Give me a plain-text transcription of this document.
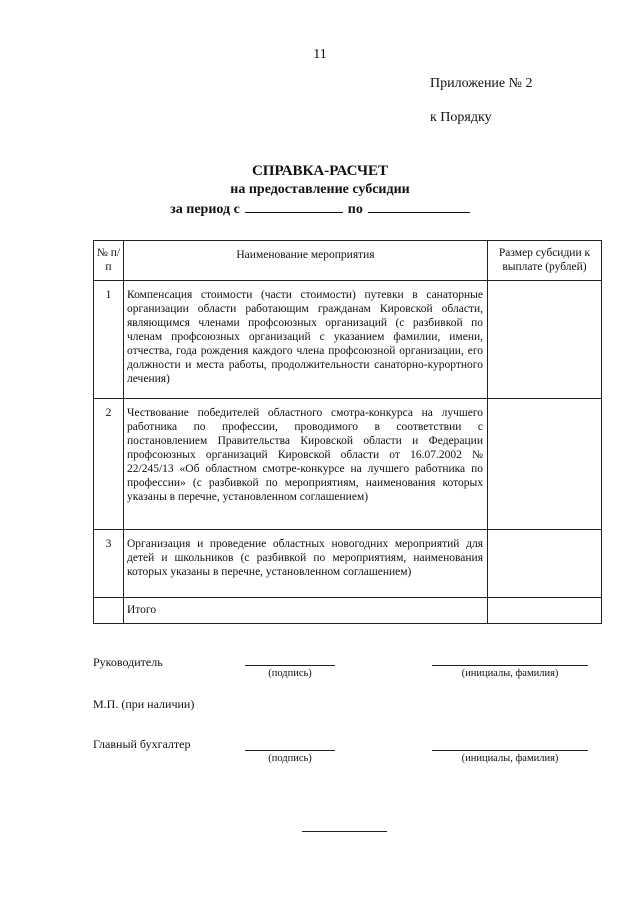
11
Приложение № 2
к Порядку
СПРАВКА-РАСЧЕТ
на предоставление субсидии
за период с	по
№ п/п	Наименование мероприятия	Размер субсидии к выплате (рублей)
1	Компенсация стоимости (части стоимости) путевки в санаторные организации области работающим гражданам Кировской области, являющимся членами профсоюзных организаций (с разбивкой по членам профсоюзных организаций с указанием фамилии, имени, отчества, года рождения каждого члена профсоюзной организации, его должности и места работы, продолжительности санаторно-курортного лечения)	
2	Чествование победителей областного смотра-конкурса на лучшего работника по профессии, проводимого в соответствии с постановлением Правительства Кировской области и Федерации профсоюзных организаций Кировской области от 16.07.2002 № 22/245/13 «Об областном смотре-конкурсе на лучшего работника по профессии» (с разбивкой по мероприятиям, наименования которых указаны в перечне, установленном соглашением)	
3	Организация и проведение областных новогодних мероприятий для детей и школьников (с разбивкой по мероприятиям, наименования которых указаны в перечне, установленном соглашением)	
	Итого	
Руководитель
(подпись)	(инициалы, фамилия)
М.П. (при наличии)
Главный бухгалтер
(подпись)	(инициалы, фамилия)
